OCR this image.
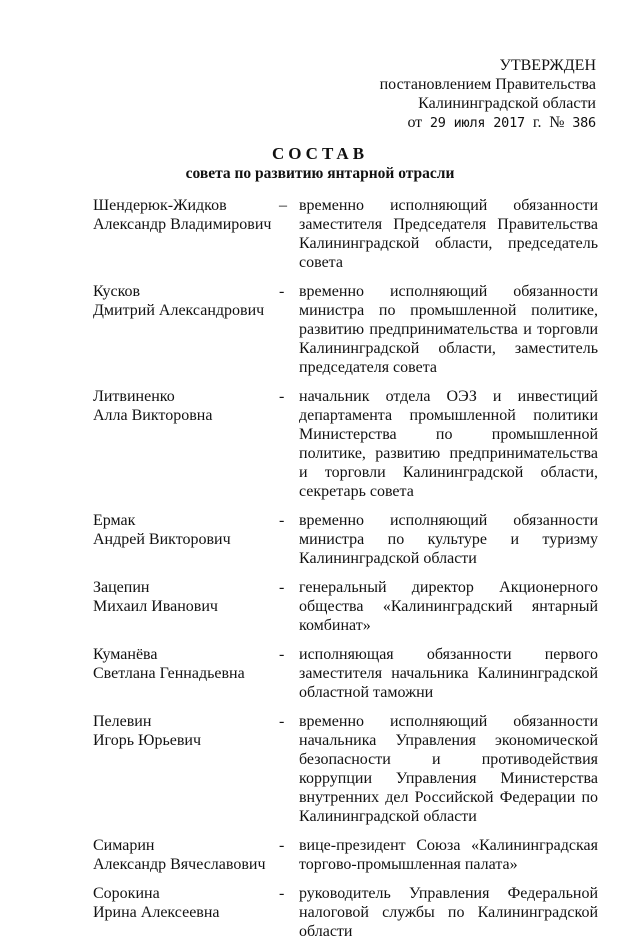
УТВЕРЖДЕН
постановлением Правительства
Калининградской области
от 29 июля 2017 г. № 386
СОСТАВ
совета по развитию янтарной отрасли
Шендерюк-Жидков
Александр Владимирович
– временно исполняющий обязанности заместителя Председателя Правительства Калининградской области, председатель совета
Кусков
Дмитрий Александрович
- временно исполняющий обязанности министра по промышленной политике, развитию предпринимательства и торговли Калининградской области, заместитель председателя совета
Литвиненко
Алла Викторовна
- начальник отдела ОЭЗ и инвестиций департамента промышленной политики Министерства по промышленной политике, развитию предпринимательства и торговли Калининградской области, секретарь совета
Ермак
Андрей Викторович
- временно исполняющий обязанности министра по культуре и туризму Калининградской области
Зацепин
Михаил Иванович
- генеральный директор Акционерного общества «Калининградский янтарный комбинат»
Куманёва
Светлана Геннадьевна
- исполняющая обязанности первого заместителя начальника Калининградской областной таможни
Пелевин
Игорь Юрьевич
- временно исполняющий обязанности начальника Управления экономической безопасности и противодействия коррупции Управления Министерства внутренних дел Российской Федерации по Калининградской области
Симарин
Александр Вячеславович
- вице-президент Союза «Калининградская торгово-промышленная палата»
Сорокина
Ирина Алексеевна
- руководитель Управления Федеральной налоговой службы по Калининградской области
